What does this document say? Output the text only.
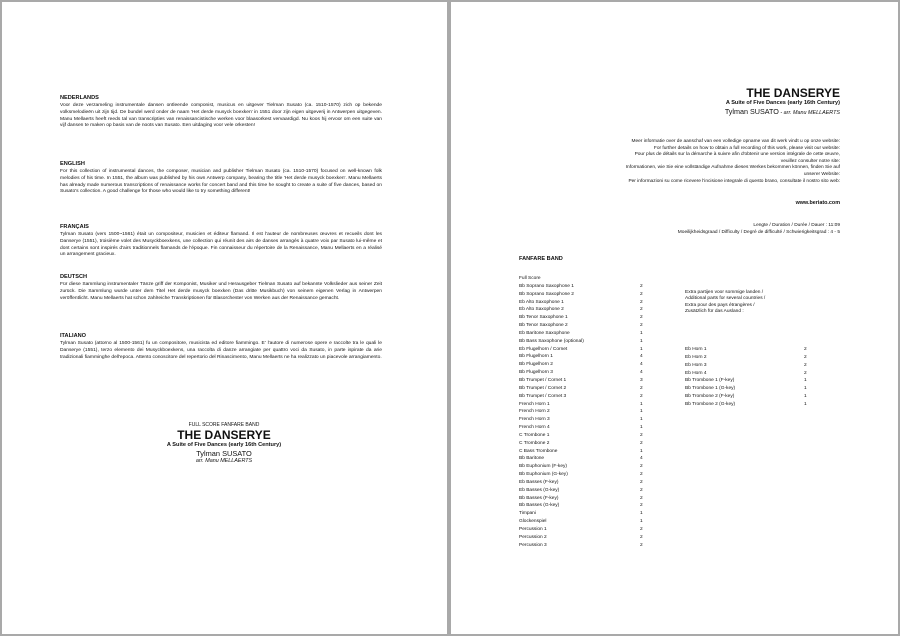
NEDERLANDS
Voor deze verzameling instrumentale dansen ontleende componist, musicus en uitgever Tielman Susato (ca. 1510-1570) zich op bekende volksmelodieën uit zijn tijd. De bundel werd onder de naam 'Het derde musyck boexken' in 1551 door zijn eigen uitgeverij in Antwerpen uitgegeven. Manu Mellaerts heeft reeds tal van transcripties van renaissancistische werken voor blaasorkest vervaardigd. Nu koos hij ervoor om een suite van vijf dansen te maken op basis van de noots van Susato. Een uitdaging voor vele orkesten!
ENGLISH
For this collection of instrumental dances, the composer, musician and publisher Tielman Susato (ca. 1510-1570) focused on well-known folk melodies of his time. In 1551, the album was published by his own Antwerp company, bearing the title 'Het derde musyck boexken'. Manu Mellaerts has already made numerous transcriptions of renaissance works for concert band and this time he sought to create a suite of five dances, based on Susato's collection. A good challenge for those who would like to try something different!
FRANÇAIS
Tylman Susato (vers 1500~1561) était un compositeur, musicien et éditeur flamand. Il est l'auteur de nombreuses œuvres et recueils dont les Danserye (1551), troisième volet des Musyckboexkens, une collection qui réunit des airs de danses arrangés à quatre voix par Susato lui-même et dont certains sont inspirés d'airs traditionnels flamands de l'époque. Fin connaisseur du répertoire de la Renaissance, Manu Mellaerts en a réalisé un arrangement gracieux.
DEUTSCH
Für diese Sammlung instrumentaler Tänze griff der Komponist, Musiker und Herausgeber Tielman Susato auf bekannte Volkslieder aus seiner Zeit zurück. Die Sammlung wurde unter dem Titel Het derde musyck boexken (Das dritte Musikbuch) von seinem eigenen Verlag in Antwerpen veröffentlicht. Manu Mellaerts hat schon zahlreiche Transkriptionen für Blasorchester von Werken aus der Renaissance gemacht.
ITALIANO
Tylman Susato (attorno al 1500-1561) fu un compositore, musicista ed editore fiammingo. E' l'autore di numerose opere e raccolte tra le quali le Danserye (1551), terzo elemento dei Musyckboexkens, una raccolta di danze arrangiate per quattro voci da Susato, in parte ispirate da arie tradizionali fiamminghe dell'epoca. Attento conoscitore del repertorio del Rinascimento, Manu Mellaerts ne ha realizzato un piacevole arrangiamento.
FULL SCORE FANFARE BAND
THE DANSERYE
A Suite of Five Dances (early 16th Century)
Tylman SUSATO
arr. Manu MELLAERTS
THE DANSERYE
A Suite of Five Dances (early 16th Century)
Tylman SUSATO - arr. Manu MELLAERTS
Meer informatie over de aanschaf van een volledige opname van dit werk vindt u op onze website:
For further details on how to obtain a full recording of this work, please visit our website:
Pour plus de détails sur la démarche à suivre afin d'obtenir une version intégrale de cette œuvre,
veuillez consulter notre site:
Informationen, wie Sie eine vollständige Aufnahme dieses Werkes bekommen können, finden Sie auf
unserer Website:
Per informazioni su come ricevere l'incisione integrale di questo brano, consultate il nostro sito web:
www.beriato.com
Lengte / Duration / Durée / Dauer : 11:09
Moeilijkheidsgraad / Difficulty / Degré de difficulté / Schwierigkeitsgrad : 4 - 5
FANFARE BAND
Full Score
Bb Soprano Saxophone 1	2
Bb Soprano Saxophone 2	2
Eb Alto Saxophone 1	2
Eb Alto Saxophone 2	2
Bb Tenor Saxophone 1	2
Bb Tenor Saxophone 2	2
Eb Baritone Saxophone	1
Bb Bass Saxophone (optional)	1
Eb Flugelhorn / Cornet	1
Bb Flugelhorn 1	4
Bb Flugelhorn 2	4
Bb Flugelhorn 3	4
Bb Trumpet / Cornet 1	3
Bb Trumpet / Cornet 2	2
Bb Trumpet / Cornet 3	2
French Horn 1	1
French Horn 2	1
French Horn 3	1
French Horn 4	1
C Trombone 1	2
C Trombone 2	2
C Bass Trombone	1
Bb Baritone	4
Bb Euphonium (F-key)	2
Bb Euphonium (G-key)	2
Eb Basses (F-key)	2
Eb Basses (G-key)	2
Bb Basses (F-key)	2
Bb Basses (G-key)	2
Timpani	1
Glockenspiel	1
Percussion 1	2
Percussion 2	2
Percussion 3	2
Extra partijen voor sommige landen /
Additional parts for several countries /
Extra pour des pays étrangères /
Zusätzlich für das Ausland :
Eb Horn 1	2
Eb Horn 2	2
Eb Horn 3	2
Eb Horn 4	2
Bb Trombone 1 (F-key)	1
Bb Trombone 1 (G-key)	1
Bb Trombone 2 (F-key)	1
Bb Trombone 2 (G-key)	1
